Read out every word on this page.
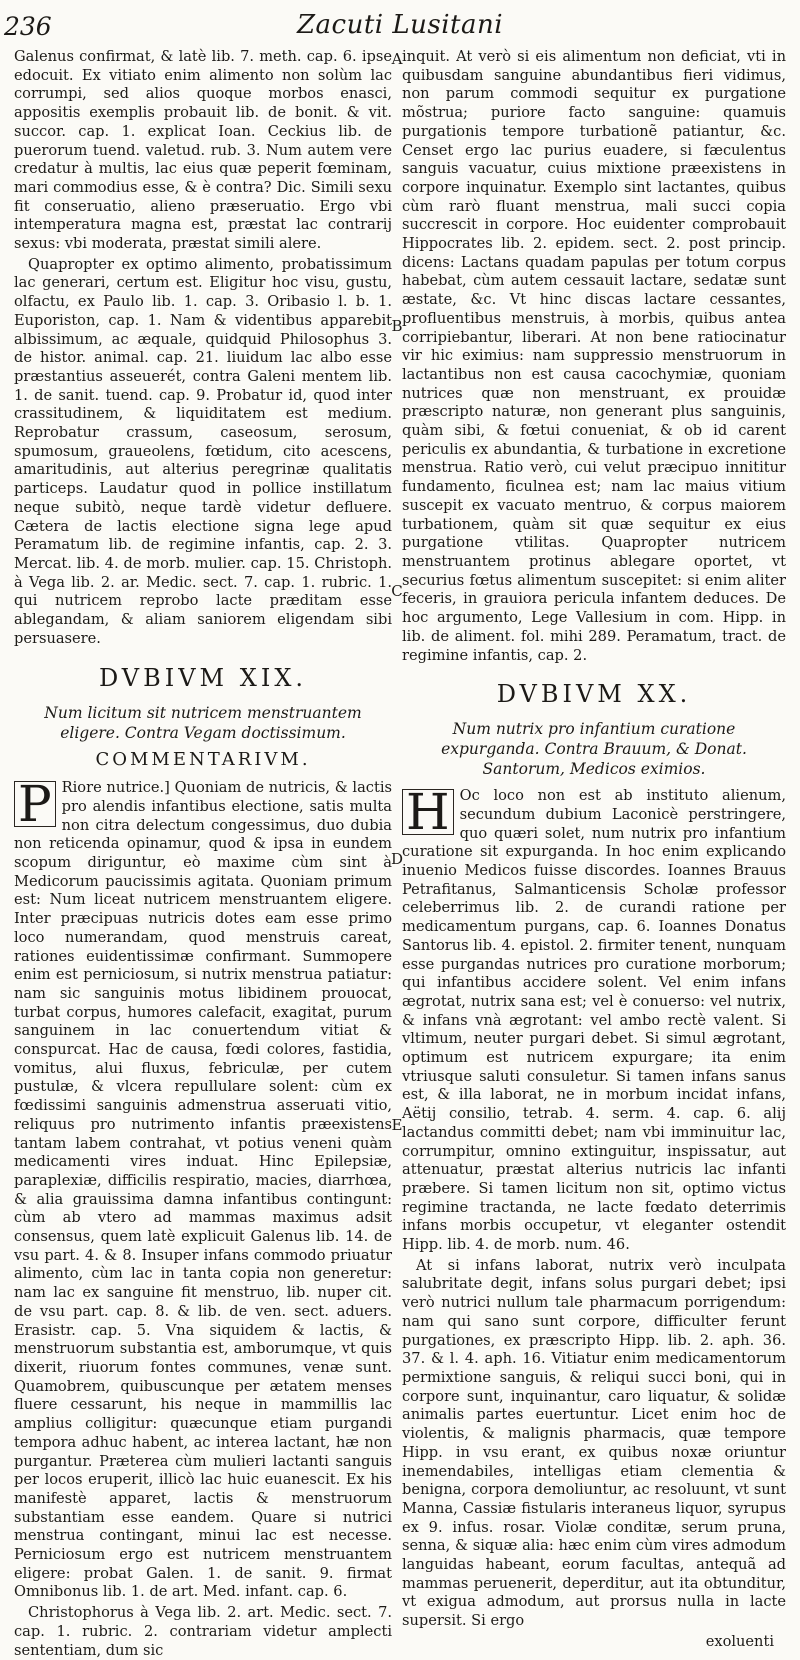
236	Zacuti Lusitani
A
B
C
D
E

Galenus confirmat, & latè lib. 7. meth. cap. 6. ipse edocuit. Ex vitiato enim alimento non solùm lac corrumpi, sed alios quoque morbos enasci, appositis exemplis probauit lib. de bonit. & vit. succor. cap. 1. explicat Ioan. Ceckius lib. de puerorum tuend. valetud. rub. 3. Num autem vere credatur à multis, lac eius quæ peperit fœminam, mari commodius esse, & è contra? Dic. Simili sexu fit conseruatio, alieno præseruatio. Ergo vbi intemperatura magna est, præstat lac contrarij sexus: vbi moderata, præstat simili alere.

Quapropter ex optimo alimento, probatissimum lac generari, certum est. Eligitur hoc visu, gustu, olfactu, ex Paulo lib. 1. cap. 3. Oribasio l. b. 1. Euporiston, cap. 1. Nam & videntibus apparebit albissimum, ac æquale, quidquid Philosophus 3. de histor. animal. cap. 21. liuidum lac albo esse præstantius asseuerét, contra Galeni mentem lib. 1. de sanit. tuend. cap. 9. Probatur id, quod inter crassitudinem, & liquiditatem est medium. Reprobatur crassum, caseosum, serosum, spumosum, graueolens, fœtidum, cito acescens, amaritudinis, aut alterius peregrinæ qualitatis particeps. Laudatur quod in pollice instillatum neque subitò, neque tardè videtur defluere. Cætera de lactis electione signa lege apud Peramatum lib. de regimine infantis, cap. 2. 3. Mercat. lib. 4. de morb. mulier. cap. 15. Christoph. à Vega lib. 2. ar. Medic. sect. 7. cap. 1. rubric. 1. qui nutricem reprobo lacte præditam esse ablegandam, & aliam saniorem eligendam sibi persuasere.

DVBIVM XIX.
Num licitum sit nutricem menstruantem eligere. Contra Vegam doctissimum.
COMMENTARIVM.

P Riore nutrice.] Quoniam de nutricis, & lactis pro alendis infantibus electione, satis multa non citra delectum congessimus, duo dubia non reticenda opinamur, quod & ipsa in eundem scopum diriguntur, eò maxime cùm sint à Medicorum paucissimis agitata. Quoniam primum est: Num liceat nutricem menstruantem eligere. Inter præcipuas nutricis dotes eam esse primo loco numerandam, quod menstruis careat, rationes euidentissimæ confirmant. Summopere enim est perniciosum, si nutrix menstrua patiatur: nam sic sanguinis motus libidinem prouocat, turbat corpus, humores calefacit, exagitat, purum sanguinem in lac conuertendum vitiat & conspurcat. Hac de causa, fœdi colores, fastidia, vomitus, alui fluxus, febriculæ, per cutem pustulæ, & vlcera repullulare solent: cùm ex fœdissimi sanguinis admenstrua asseruati vitio, reliquus pro nutrimento infantis præexistens tantam labem contrahat, vt potius veneni quàm medicamenti vires induat. Hinc Epilepsiæ, paraplexiæ, difficilis respiratio, macies, diarrhœa, & alia grauissima damna infantibus contingunt: cùm ab vtero ad mammas maximus adsit consensus, quem latè explicuit Galenus lib. 14. de vsu part. 4. & 8. Insuper infans commodo priuatur alimento, cùm lac in tanta copia non generetur: nam lac ex sanguine fit menstruo, lib. nuper cit. de vsu part. cap. 8. & lib. de ven. sect. aduers. Erasistr. cap. 5. Vna siquidem & lactis, & menstruorum substantia est, amborumque, vt quis dixerit, riuorum fontes communes, venæ sunt. Quamobrem, quibuscunque per ætatem menses fluere cessarunt, his neque in mammillis lac amplius colligitur: quæcunque etiam purgandi tempora adhuc habent, ac interea lactant, hæ non purgantur. Præterea cùm mulieri lactanti sanguis per locos eruperit, illicò lac huic euanescit. Ex his manifestè apparet, lactis & menstruorum substantiam esse eandem. Quare si nutrici menstrua contingant, minui lac est necesse. Perniciosum ergo est nutricem menstruantem eligere: probat Galen. 1. de sanit. 9. firmat Omnibonus lib. 1. de art. Med. infant. cap. 6.

Christophorus à Vega lib. 2. art. Medic. sect. 7. cap. 1. rubric. 2. contrariam videtur amplecti sententiam, dum sic

inquit. At verò si eis alimentum non deficiat, vti in quibusdam sanguine abundantibus fieri vidimus, non parum commodi sequitur ex purgatione mõstrua; puriore facto sanguine: quamuis purgationis tempore turbationẽ patiantur, &c. Censet ergo lac purius euadere, si fæculentus sanguis vacuatur, cuius mixtione præexistens in corpore inquinatur. Exemplo sint lactantes, quibus cùm rarò fluant menstrua, mali succi copia succrescit in corpore. Hoc euidenter comprobauit Hippocrates lib. 2. epidem. sect. 2. post princip. dicens: Lactans quadam papulas per totum corpus habebat, cùm autem cessauit lactare, sedatæ sunt æstate, &c. Vt hinc discas lactare cessantes, profluentibus menstruis, à morbis, quibus antea corripiebantur, liberari. At non bene ratiocinatur vir hic eximius: nam suppressio menstruorum in lactantibus non est causa cacochymiæ, quoniam nutrices quæ non menstruant, ex prouidæ præscripto naturæ, non generant plus sanguinis, quàm sibi, & fœtui conueniat, & ob id carent periculis ex abundantia, & turbatione in excretione menstrua. Ratio verò, cui velut præcipuo innititur fundamento, ficulnea est; nam lac maius vitium suscepit ex vacuato mentruo, & corpus maiorem turbationem, quàm sit quæ sequitur ex eius purgatione vtilitas. Quapropter nutricem menstruantem protinus ablegare oportet, vt securius fœtus alimentum suscepitet: si enim aliter feceris, in grauiora pericula infantem deduces. De hoc argumento, Lege Vallesium in com. Hipp. in lib. de aliment. fol. mihi 289. Peramatum, tract. de regimine infantis, cap. 2.

DVBIVM XX.
Num nutrix pro infantium curatione expurganda. Contra Brauum, & Donat. Santorum, Medicos eximios.

H Oc loco non est ab instituto alienum, secundum dubium Laconicè perstringere, quo quæri solet, num nutrix pro infantium curatione sit expurganda. In hoc enim explicando inuenio Medicos fuisse discordes. Ioannes Brauus Petrafitanus, Salmanticensis Scholæ professor celeberrimus lib. 2. de curandi ratione per medicamentum purgans, cap. 6. Ioannes Donatus Santorus lib. 4. epistol. 2. firmiter tenent, nunquam esse purgandas nutrices pro curatione morborum; qui infantibus accidere solent. Vel enim infans ægrotat, nutrix sana est; vel è conuerso: vel nutrix, & infans vnà ægrotant: vel ambo rectè valent. Si vltimum, neuter purgari debet. Si simul ægrotant, optimum est nutricem expurgare; ita enim vtriusque saluti consuletur. Si tamen infans sanus est, & illa laborat, ne in morbum incidat infans, Aëtij consilio, tetrab. 4. serm. 4. cap. 6. alij lactandus committi debet; nam vbi imminuitur lac, corrumpitur, omnino extinguitur, inspissatur, aut attenuatur, præstat alterius nutricis lac infanti præbere. Si tamen licitum non sit, optimo victus regimine tractanda, ne lacte fœdato deterrimis infans morbis occupetur, vt eleganter ostendit Hipp. lib. 4. de morb. num. 46.

At si infans laborat, nutrix verò inculpata salubritate degit, infans solus purgari debet; ipsi verò nutrici nullum tale pharmacum porrigendum: nam qui sano sunt corpore, difficulter ferunt purgationes, ex præscripto Hipp. lib. 2. aph. 36. 37. & l. 4. aph. 16. Vitiatur enim medicamentorum permixtione sanguis, & reliqui succi boni, qui in corpore sunt, inquinantur, caro liquatur, & solidæ animalis partes euertuntur. Licet enim hoc de violentis, & malignis pharmacis, quæ tempore Hipp. in vsu erant, ex quibus noxæ oriuntur inemendabiles, intelligas etiam clementia & benigna, corpora demoliuntur, ac resoluunt, vt sunt Manna, Cassiæ fistularis interaneus liquor, syrupus ex 9. infus. rosar. Violæ conditæ, serum pruna, senna, & siquæ alia: hæc enim cùm vires admodum languidas habeant, eorum facultas, antequã ad mammas peruenerit, deperditur, aut ita obtunditur, vt exigua admodum, aut prorsus nulla in lacte supersit. Si ergo

exoluenti
